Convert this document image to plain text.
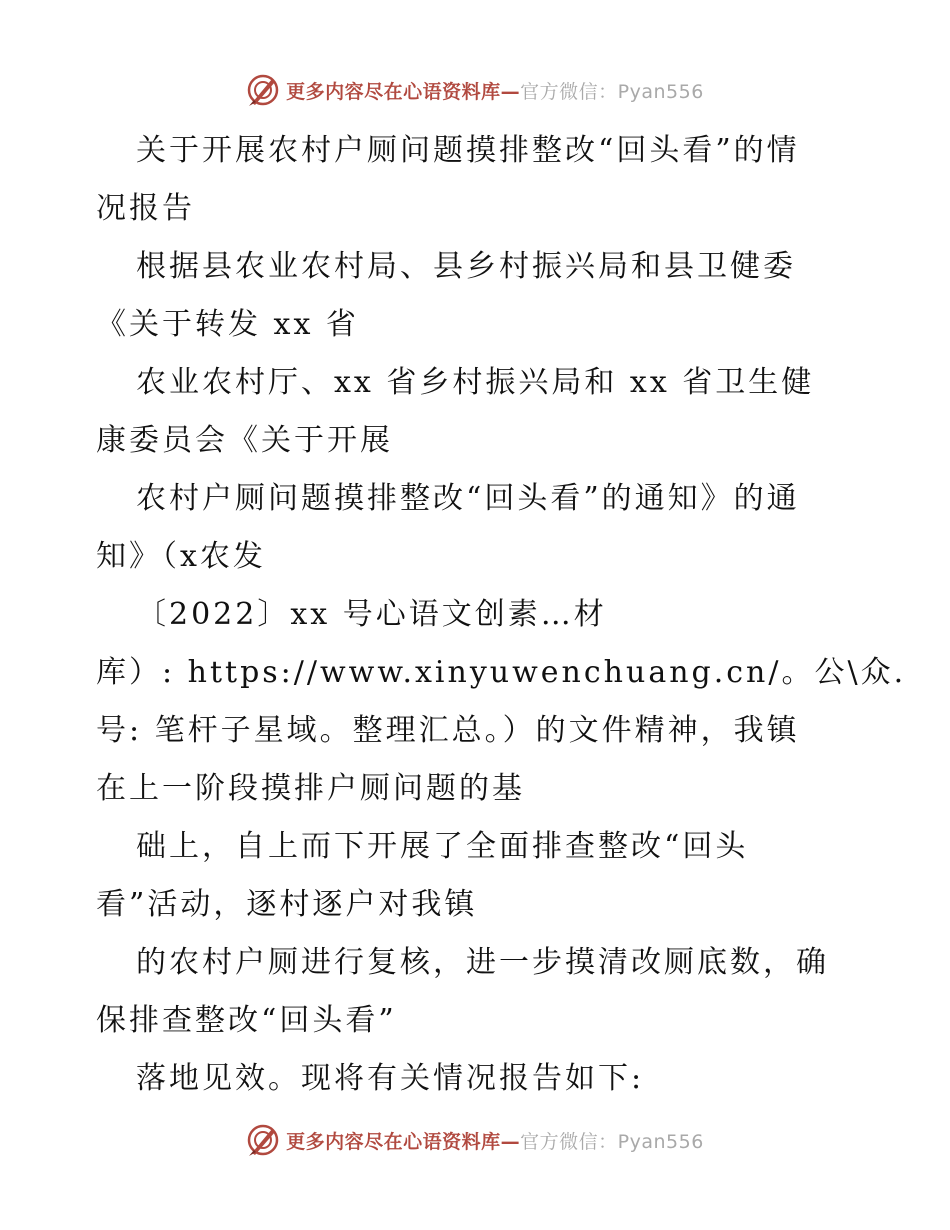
更多内容尽在心语资料库—官方微信：Pyan556
关于开展农村户厕问题摸排整改“回头看”的情
况报告
根据县农业农村局、县乡村振兴局和县卫健委
《关于转发 xx 省
农业农村厅、xx 省乡村振兴局和 xx 省卫生健
康委员会《关于开展
农村户厕问题摸排整改“回头看”的通知》的通
知》（x农发
〔2022〕xx 号心语文创素…材
库）: https://www.xinyuwenchuang.cn/。公\众.
号: 笔杆子星域。整理汇总。）的文件精神，我镇
在上一阶段摸排户厕问题的基
础上，自上而下开展了全面排查整改“回头
看”活动，逐村逐户对我镇
的农村户厕进行复核，进一步摸清改厕底数，确
保排查整改“回头看”
落地见效。现将有关情况报告如下:
更多内容尽在心语资料库—官方微信：Pyan556
